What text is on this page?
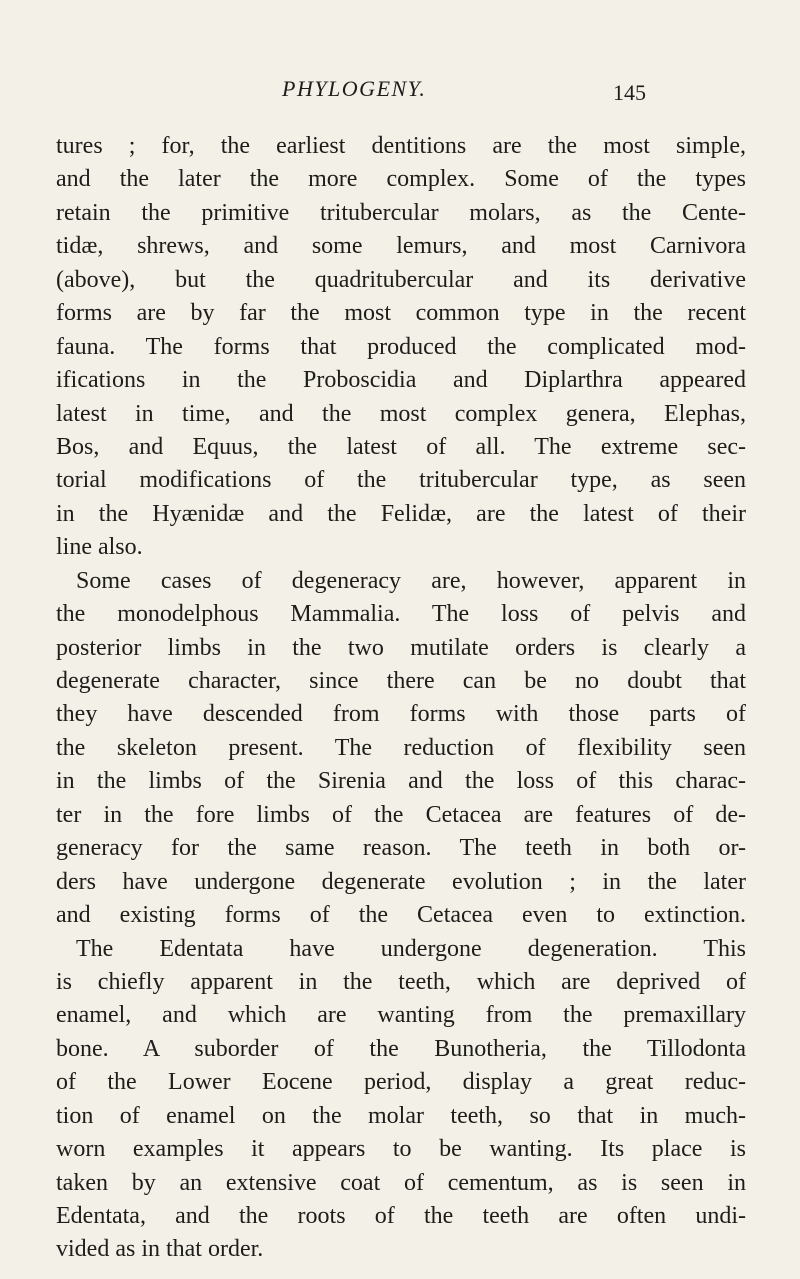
PHYLOGENY.	145
tures ; for, the earliest dentitions are the most simple,
and the later the more complex. Some of the types
retain the primitive tritubercular molars, as the Cente-
tidæ, shrews, and some lemurs, and most Carnivora
(above), but the quadritubercular and its derivative
forms are by far the most common type in the recent
fauna. The forms that produced the complicated mod-
ifications in the Proboscidia and Diplarthra appeared
latest in time, and the most complex genera, Elephas,
Bos, and Equus, the latest of all. The extreme sec-
torial modifications of the tritubercular type, as seen
in the Hyænidæ and the Felidæ, are the latest of their
line also.
Some cases of degeneracy are, however, apparent in
the monodelphous Mammalia. The loss of pelvis and
posterior limbs in the two mutilate orders is clearly a
degenerate character, since there can be no doubt that
they have descended from forms with those parts of
the skeleton present. The reduction of flexibility seen
in the limbs of the Sirenia and the loss of this charac-
ter in the fore limbs of the Cetacea are features of de-
generacy for the same reason. The teeth in both or-
ders have undergone degenerate evolution ; in the later
and existing forms of the Cetacea even to extinction.
The Edentata have undergone degeneration. This
is chiefly apparent in the teeth, which are deprived of
enamel, and which are wanting from the premaxillary
bone. A suborder of the Bunotheria, the Tillodonta
of the Lower Eocene period, display a great reduc-
tion of enamel on the molar teeth, so that in much-
worn examples it appears to be wanting. Its place is
taken by an extensive coat of cementum, as is seen in
Edentata, and the roots of the teeth are often undi-
vided as in that order.
